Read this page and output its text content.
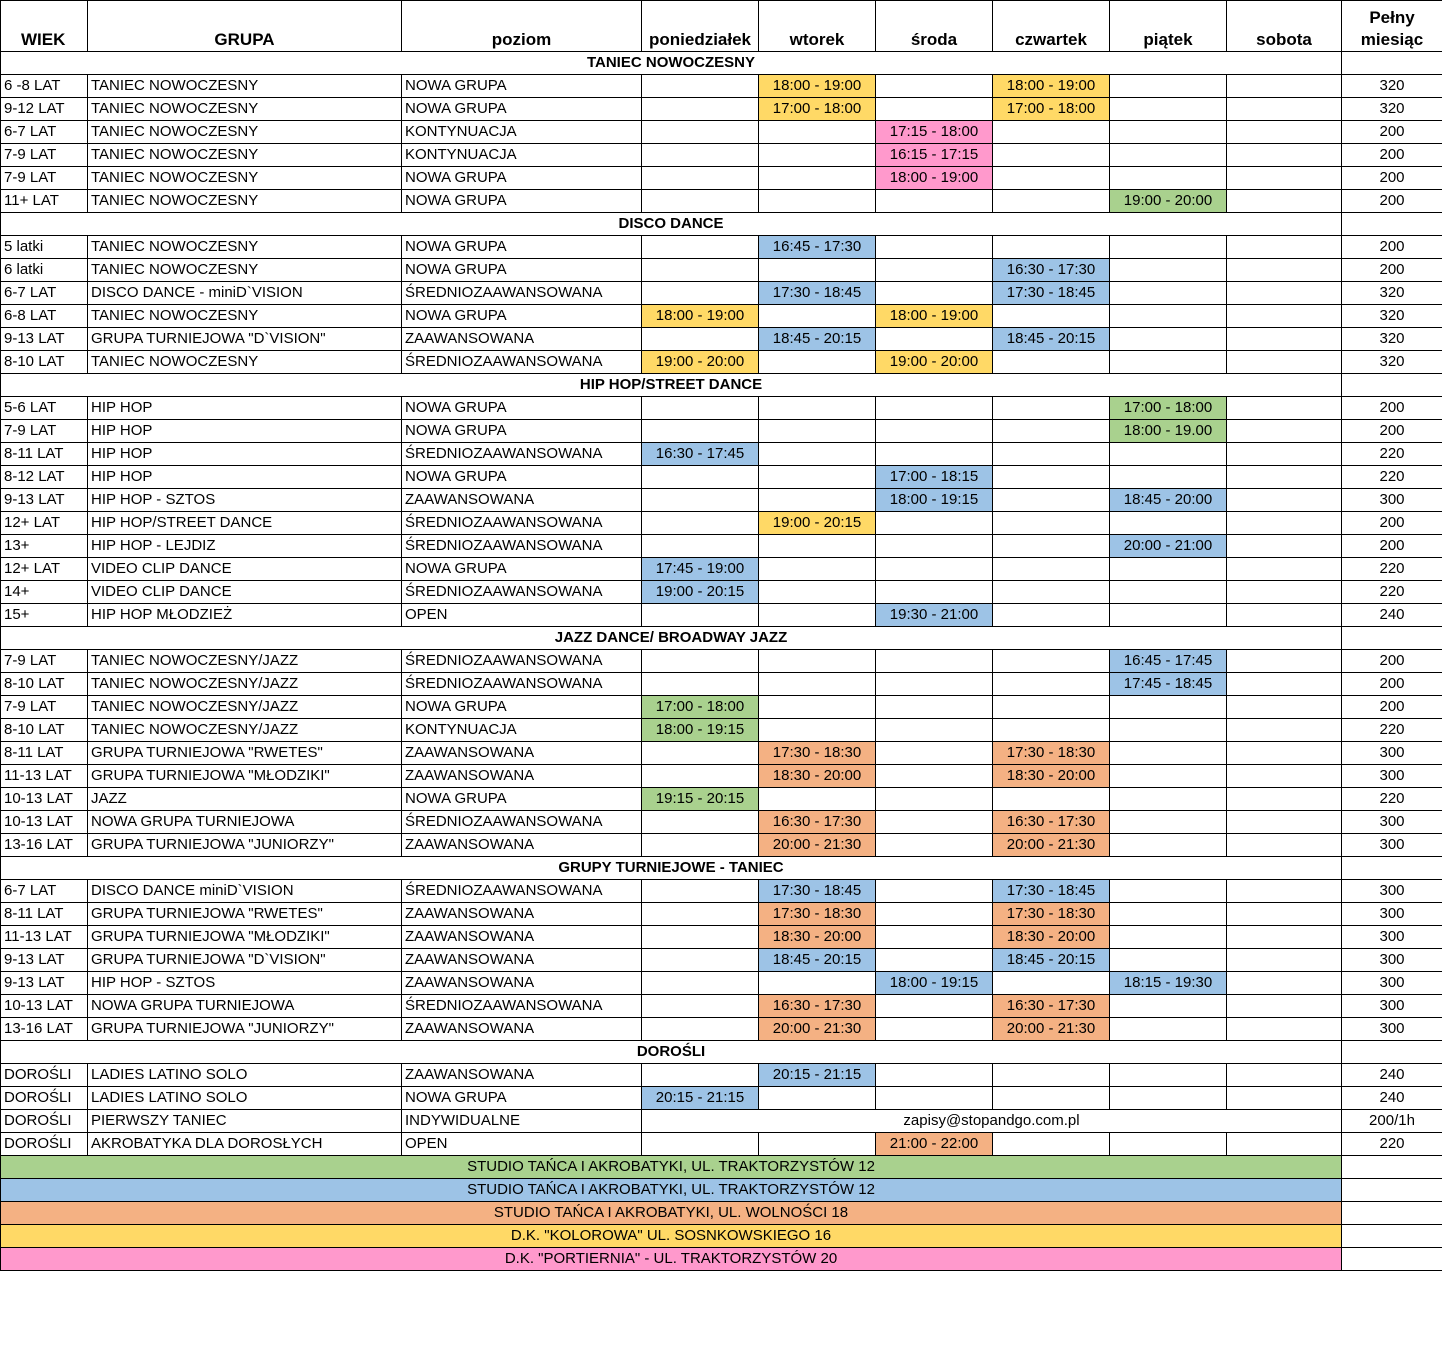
WIEK	GRUPA	poziom	poniedziałek	wtorek	środa	czwartek	piątek	sobota	Pełny miesiąc
TANIEC NOWOCZESNY									
6 -8 LAT	TANIEC NOWOCZESNY	NOWA GRUPA		18:00 - 19:00		18:00 - 19:00			320
9-12 LAT	TANIEC NOWOCZESNY	NOWA GRUPA		17:00 - 18:00		17:00 - 18:00			320
6-7 LAT	TANIEC NOWOCZESNY	KONTYNUACJA			17:15 - 18:00				200
7-9 LAT	TANIEC NOWOCZESNY	KONTYNUACJA			16:15 - 17:15				200
7-9 LAT	TANIEC NOWOCZESNY	NOWA GRUPA			18:00 - 19:00				200
11+ LAT	TANIEC NOWOCZESNY	NOWA GRUPA					19:00 - 20:00		200
DISCO DANCE									
5 latki	TANIEC NOWOCZESNY	NOWA GRUPA		16:45 - 17:30					200
6 latki	TANIEC NOWOCZESNY	NOWA GRUPA				16:30 - 17:30			200
6-7 LAT	DISCO DANCE - miniD`VISION	ŚREDNIOZAAWANSOWANA		17:30 - 18:45		17:30 - 18:45			320
6-8 LAT	TANIEC NOWOCZESNY	NOWA GRUPA	18:00 - 19:00		18:00 - 19:00				320
9-13 LAT	GRUPA TURNIEJOWA "D`VISION"	ZAAWANSOWANA		18:45 - 20:15		18:45 - 20:15			320
8-10 LAT	TANIEC NOWOCZESNY	ŚREDNIOZAAWANSOWANA	19:00 - 20:00		19:00 - 20:00				320
HIP HOP/STREET DANCE									
5-6 LAT	HIP HOP	NOWA GRUPA					17:00 - 18:00		200
7-9 LAT	HIP HOP	NOWA GRUPA					18:00 - 19.00		200
8-11 LAT	HIP HOP	ŚREDNIOZAAWANSOWANA	16:30 - 17:45						220
8-12 LAT	HIP HOP	NOWA GRUPA			17:00 - 18:15				220
9-13 LAT	HIP HOP - SZTOS	ZAAWANSOWANA			18:00 - 19:15		18:45 - 20:00		300
12+ LAT	HIP HOP/STREET DANCE	ŚREDNIOZAAWANSOWANA		19:00 - 20:15					200
13+	HIP HOP - LEJDIZ	ŚREDNIOZAAWANSOWANA					20:00 - 21:00		200
12+ LAT	VIDEO CLIP DANCE	NOWA GRUPA	17:45 - 19:00						220
14+	VIDEO CLIP DANCE	ŚREDNIOZAAWANSOWANA	19:00 - 20:15						220
15+	HIP HOP MŁODZIEŻ	OPEN			19:30 - 21:00				240
JAZZ DANCE/ BROADWAY JAZZ									
7-9 LAT	TANIEC NOWOCZESNY/JAZZ	ŚREDNIOZAAWANSOWANA					16:45 - 17:45		200
8-10 LAT	TANIEC NOWOCZESNY/JAZZ	ŚREDNIOZAAWANSOWANA					17:45 - 18:45		200
7-9 LAT	TANIEC NOWOCZESNY/JAZZ	NOWA GRUPA	17:00 - 18:00						200
8-10 LAT	TANIEC NOWOCZESNY/JAZZ	KONTYNUACJA	18:00 - 19:15						220
8-11 LAT	GRUPA TURNIEJOWA "RWETES"	ZAAWANSOWANA		17:30 - 18:30		17:30 - 18:30			300
11-13 LAT	GRUPA TURNIEJOWA "MŁODZIKI"	ZAAWANSOWANA		18:30 - 20:00		18:30 - 20:00			300
10-13 LAT	JAZZ	NOWA GRUPA	19:15 - 20:15						220
10-13 LAT	NOWA GRUPA TURNIEJOWA	ŚREDNIOZAAWANSOWANA		16:30 - 17:30		16:30 - 17:30			300
13-16 LAT	GRUPA TURNIEJOWA "JUNIORZY"	ZAAWANSOWANA		20:00 - 21:30		20:00 - 21:30			300
GRUPY TURNIEJOWE - TANIEC									
6-7 LAT	DISCO DANCE miniD`VISION	ŚREDNIOZAAWANSOWANA		17:30 - 18:45		17:30 - 18:45			300
8-11 LAT	GRUPA TURNIEJOWA "RWETES"	ZAAWANSOWANA		17:30 - 18:30		17:30 - 18:30			300
11-13 LAT	GRUPA TURNIEJOWA "MŁODZIKI"	ZAAWANSOWANA		18:30 - 20:00		18:30 - 20:00			300
9-13 LAT	GRUPA TURNIEJOWA "D`VISION"	ZAAWANSOWANA		18:45 - 20:15		18:45 - 20:15			300
9-13 LAT	HIP HOP - SZTOS	ZAAWANSOWANA			18:00 - 19:15		18:15 - 19:30		300
10-13 LAT	NOWA GRUPA TURNIEJOWA	ŚREDNIOZAAWANSOWANA		16:30 - 17:30		16:30 - 17:30			300
13-16 LAT	GRUPA TURNIEJOWA "JUNIORZY"	ZAAWANSOWANA		20:00 - 21:30		20:00 - 21:30			300
DOROŚLI									
DOROŚLI	LADIES LATINO SOLO	ZAAWANSOWANA		20:15 - 21:15					240
DOROŚLI	LADIES LATINO SOLO	NOWA GRUPA	20:15 - 21:15						240
DOROŚLI	PIERWSZY TANIEC	INDYWIDUALNE	zapisy@stopandgo.com.pl						200/1h
DOROŚLI	AKROBATYKA DLA DOROSŁYCH	OPEN			21:00 - 22:00				220
STUDIO TAŃCA I AKROBATYKI, UL. TRAKTORZYSTÓW 12									
STUDIO TAŃCA I AKROBATYKI, UL. TRAKTORZYSTÓW 12									
STUDIO TAŃCA I AKROBATYKI, UL. WOLNOŚCI 18									
D.K. "KOLOROWA" UL. SOSNKOWSKIEGO 16									
D.K. "PORTIERNIA" - UL. TRAKTORZYSTÓW 20									
